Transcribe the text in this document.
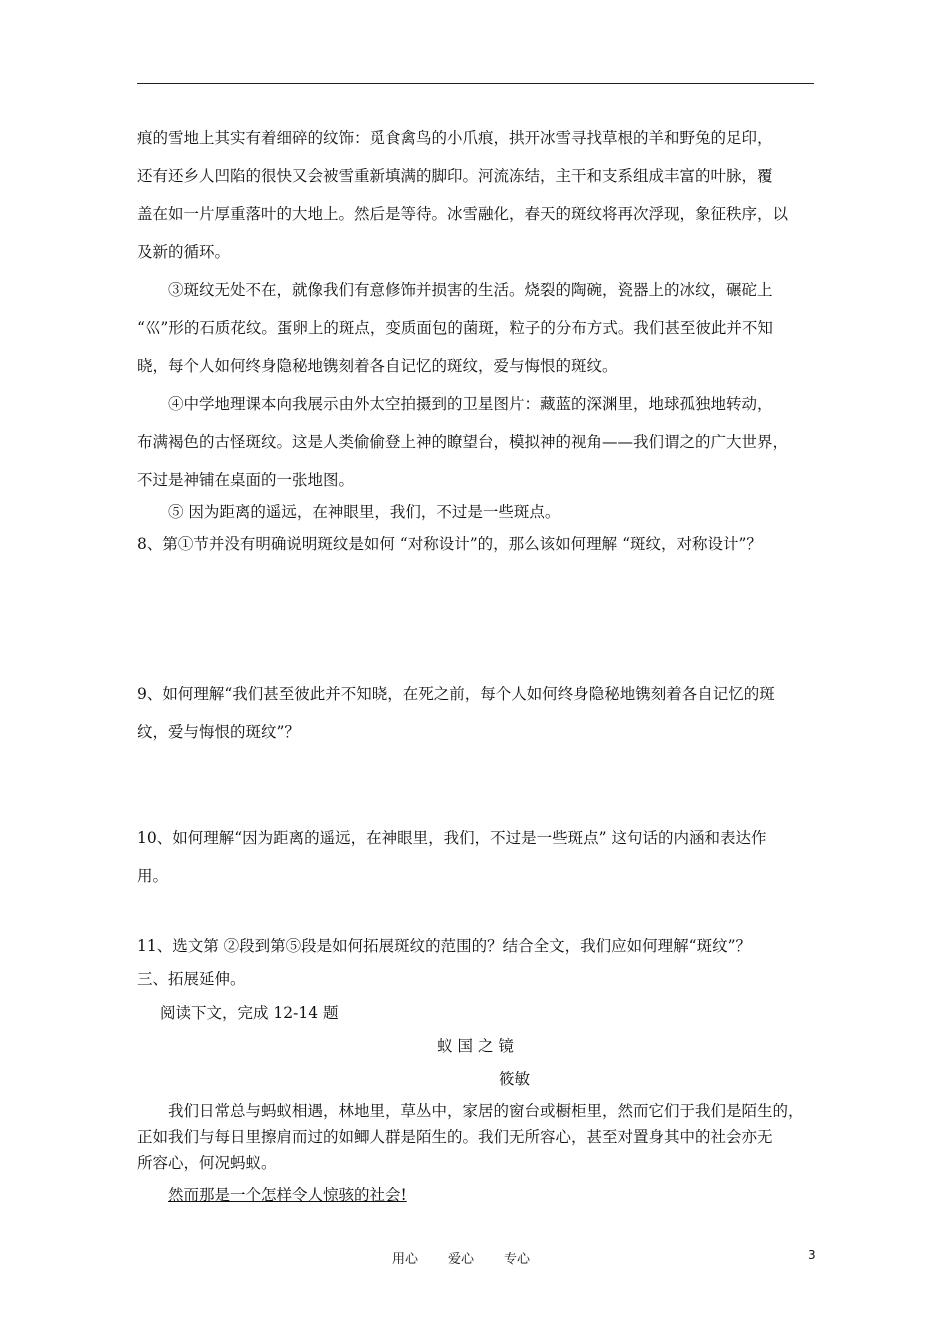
痕的雪地上其实有着细碎的纹饰：觅食禽鸟的小爪痕，拱开冰雪寻找草根的羊和野兔的足印，

还有还乡人凹陷的很快又会被雪重新填满的脚印。河流冻结，主干和支系组成丰富的叶脉，覆

盖在如一片厚重落叶的大地上。然后是等待。冰雪融化，春天的斑纹将再次浮现，象征秩序，以

及新的循环。

③斑纹无处不在，就像我们有意修饰并损害的生活。烧裂的陶碗，瓷器上的冰纹，碾砣上

“巛”形的石质花纹。蛋卵上的斑点，变质面包的菌斑，粒子的分布方式。我们甚至彼此并不知

晓，每个人如何终身隐秘地镌刻着各自记忆的斑纹，爱与悔恨的斑纹。

④中学地理课本向我展示由外太空拍摄到的卫星图片：藏蓝的深渊里，地球孤独地转动，

布满褐色的古怪斑纹。这是人类偷偷登上神的瞭望台，模拟神的视角——我们谓之的广大世界，

不过是神铺在桌面的一张地图。

⑤ 因为距离的遥远，在神眼里，我们，不过是一些斑点。

8、第①节并没有明确说明斑纹是如何 “对称设计”的，那么该如何理解 “斑纹，对称设计”？

9、如何理解“我们甚至彼此并不知晓，在死之前，每个人如何终身隐秘地镌刻着各自记忆的斑

纹，爱与悔恨的斑纹”？

10、如何理解“因为距离的遥远，在神眼里，我们，不过是一些斑点” 这句话的内涵和表达作

用。

11、选文第 ②段到第⑤段是如何拓展斑纹的范围的？结合全文，我们应如何理解“斑纹”？

三、拓展延伸。

阅读下文，完成 12-14 题

蚁 国 之 镜

筱敏

我们日常总与蚂蚁相遇，林地里，草丛中，家居的窗台或橱柜里，然而它们于我们是陌生的，

正如我们与每日里擦肩而过的如鲫人群是陌生的。我们无所容心，甚至对置身其中的社会亦无

所容心，何况蚂蚁。

然而那是一个怎样令人惊骇的社会!

用心 爱心 专心	3
